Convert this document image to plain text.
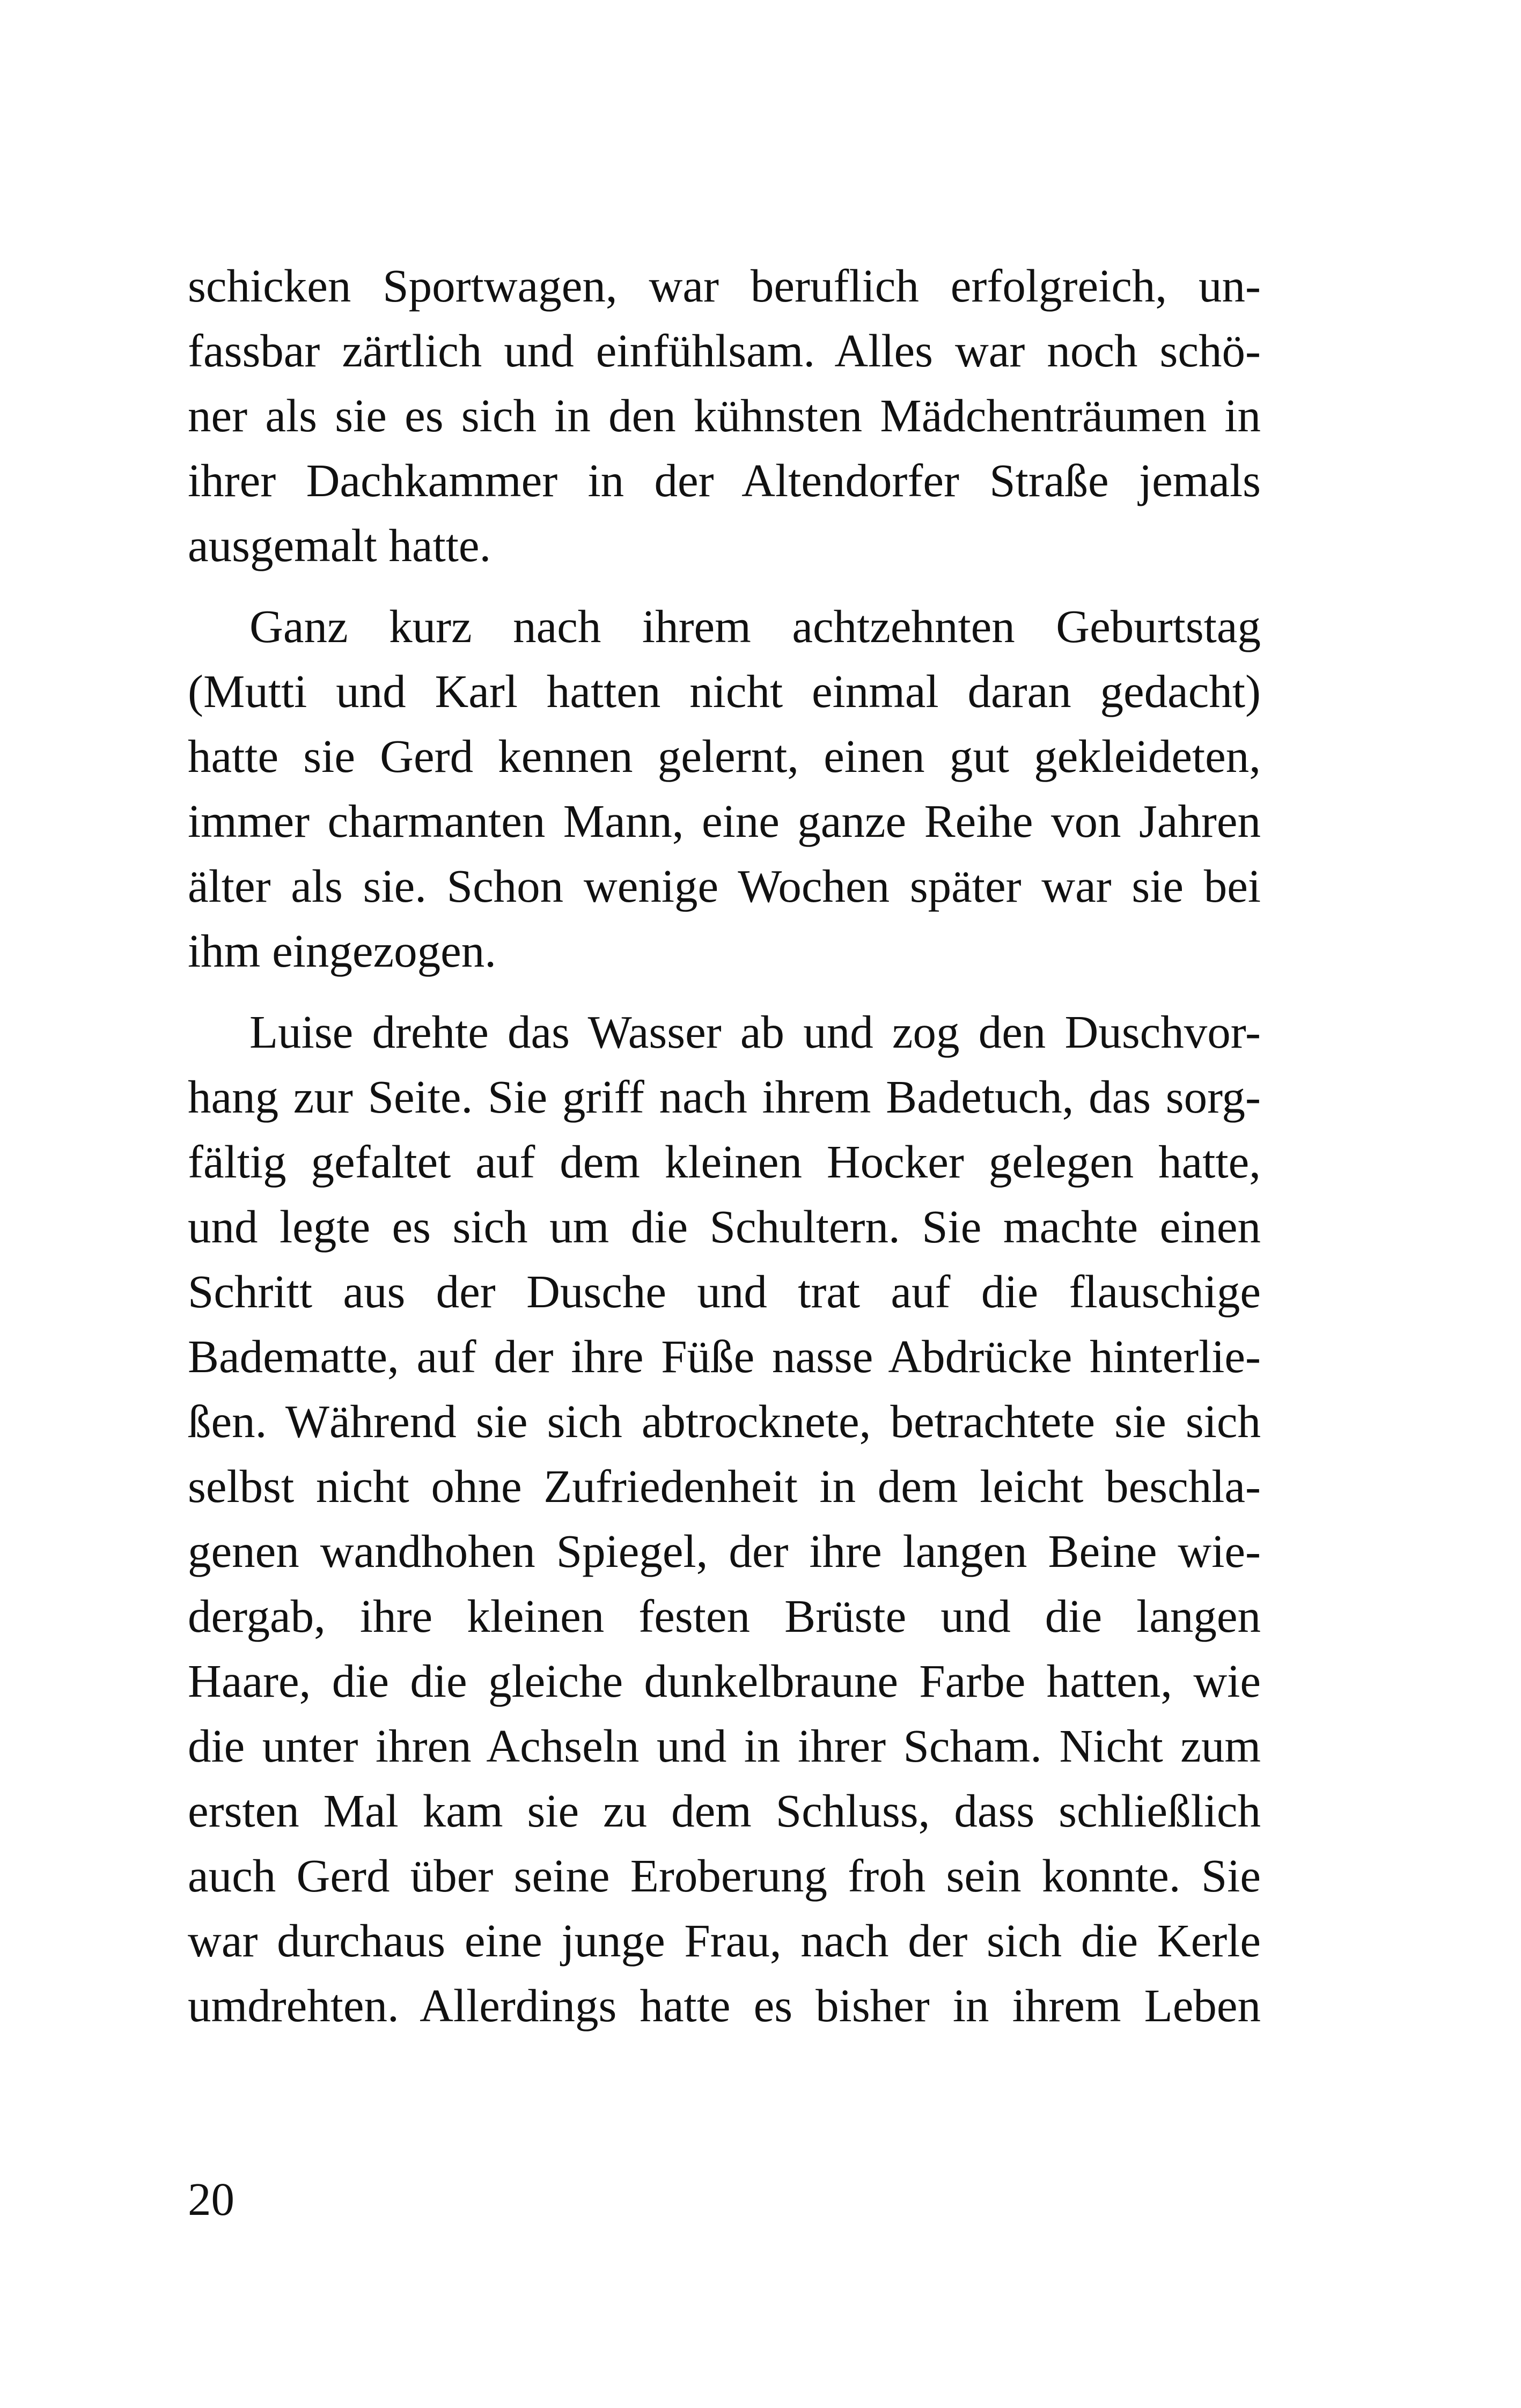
schicken Sportwagen, war beruflich erfolgreich, un-
fassbar zärtlich und einfühlsam. Alles war noch schö-
ner als sie es sich in den kühnsten Mädchenträumen in
ihrer Dachkammer in der Altendorfer Straße jemals
ausgemalt hatte.
Ganz kurz nach ihrem achtzehnten Geburtstag
(Mutti und Karl hatten nicht einmal daran gedacht)
hatte sie Gerd kennen gelernt, einen gut gekleideten,
immer charmanten Mann, eine ganze Reihe von Jahren
älter als sie. Schon wenige Wochen später war sie bei
ihm eingezogen.
Luise drehte das Wasser ab und zog den Duschvor-
hang zur Seite. Sie griff nach ihrem Badetuch, das sorg-
fältig gefaltet auf dem kleinen Hocker gelegen hatte,
und legte es sich um die Schultern. Sie machte einen
Schritt aus der Dusche und trat auf die flauschige
Badematte, auf der ihre Füße nasse Abdrücke hinterlie-
ßen. Während sie sich abtrocknete, betrachtete sie sich
selbst nicht ohne Zufriedenheit in dem leicht beschla-
genen wandhohen Spiegel, der ihre langen Beine wie-
dergab, ihre kleinen festen Brüste und die langen
Haare, die die gleiche dunkelbraune Farbe hatten, wie
die unter ihren Achseln und in ihrer Scham. Nicht zum
ersten Mal kam sie zu dem Schluss, dass schließlich
auch Gerd über seine Eroberung froh sein konnte. Sie
war durchaus eine junge Frau, nach der sich die Kerle
umdrehten. Allerdings hatte es bisher in ihrem Leben
20
